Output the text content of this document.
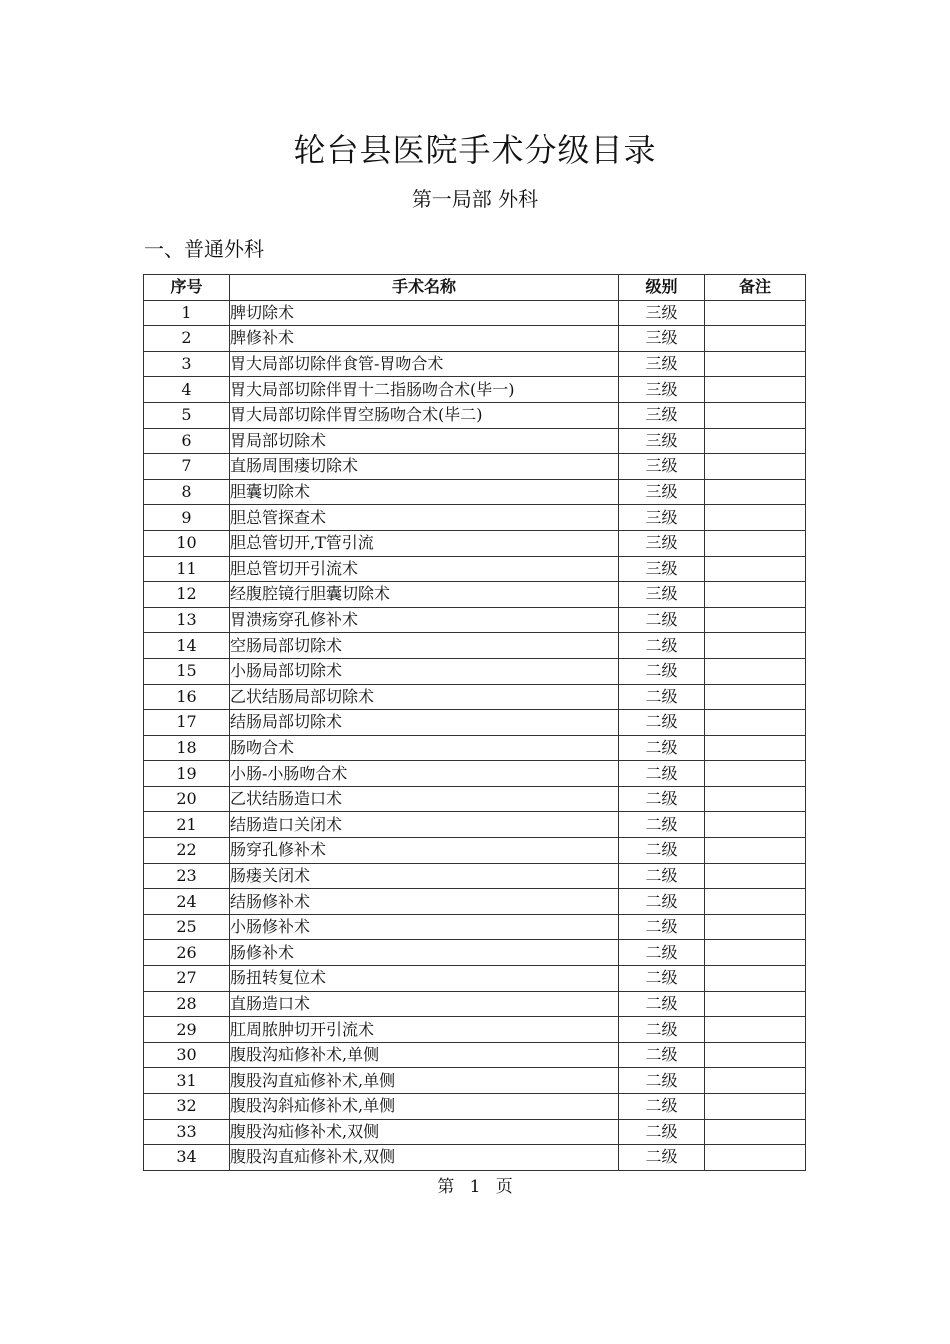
轮台县医院手术分级目录
第一局部 外科
一、普通外科
序号	手术名称	级别	备注
1	脾切除术	三级	
2	脾修补术	三级	
3	胃大局部切除伴食管-胃吻合术	三级	
4	胃大局部切除伴胃十二指肠吻合术(毕一)	三级	
5	胃大局部切除伴胃空肠吻合术(毕二)	三级	
6	胃局部切除术	三级	
7	直肠周围瘘切除术	三级	
8	胆囊切除术	三级	
9	胆总管探查术	三级	
10	胆总管切开,T管引流	三级	
11	胆总管切开引流术	三级	
12	经腹腔镜行胆囊切除术	三级	
13	胃溃疡穿孔修补术	二级	
14	空肠局部切除术	二级	
15	小肠局部切除术	二级	
16	乙状结肠局部切除术	二级	
17	结肠局部切除术	二级	
18	肠吻合术	二级	
19	小肠-小肠吻合术	二级	
20	乙状结肠造口术	二级	
21	结肠造口关闭术	二级	
22	肠穿孔修补术	二级	
23	肠瘘关闭术	二级	
24	结肠修补术	二级	
25	小肠修补术	二级	
26	肠修补术	二级	
27	肠扭转复位术	二级	
28	直肠造口术	二级	
29	肛周脓肿切开引流术	二级	
30	腹股沟疝修补术,单侧	二级	
31	腹股沟直疝修补术,单侧	二级	
32	腹股沟斜疝修补术,单侧	二级	
33	腹股沟疝修补术,双侧	二级	
34	腹股沟直疝修补术,双侧	二级	
第 1 页
